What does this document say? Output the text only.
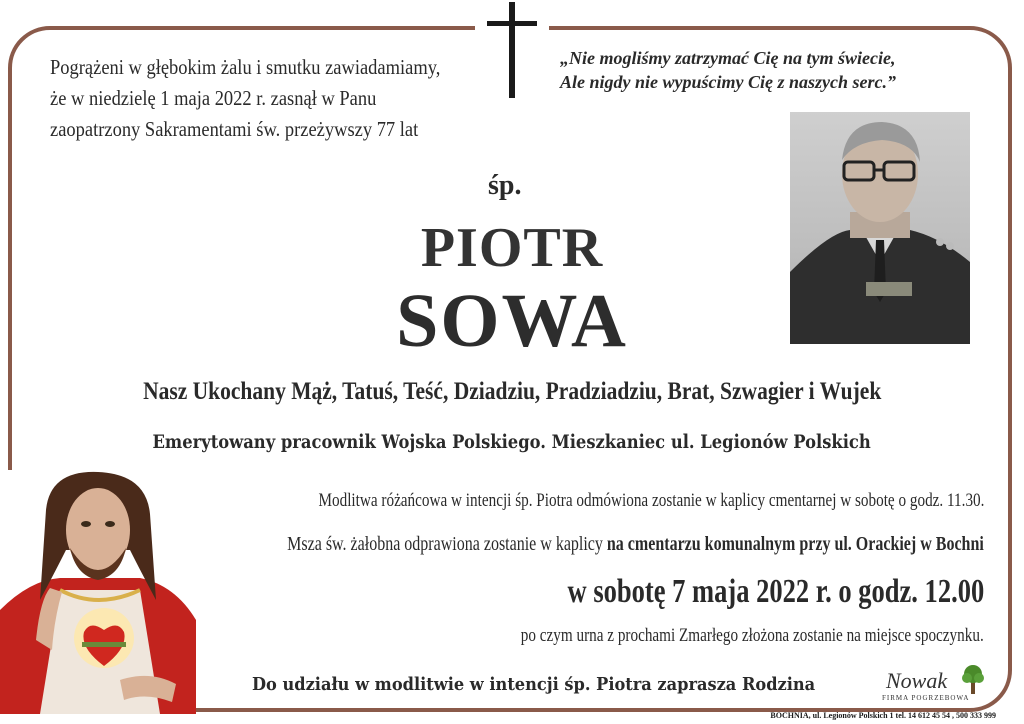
Pogrążeni w głębokim żalu i smutku zawiadamiamy,
że w niedzielę 1 maja 2022 r. zasnął w Panu
zaopatrzony Sakramentami św. przeżywszy 77 lat
„Nie mogliśmy zatrzymać Cię na tym świecie,
Ale nigdy nie wypuścimy Cię z naszych serc.”
śp.
PIOTR
SOWA
Nasz Ukochany Mąż, Tatuś, Teść, Dziadziu, Pradziadziu, Brat, Szwagier i Wujek
Emerytowany pracownik Wojska Polskiego. Mieszkaniec ul. Legionów Polskich
Modlitwa różańcowa w intencji śp. Piotra odmówiona zostanie w kaplicy cmentarnej w sobotę o godz. 11.30.
Msza św. żałobna odprawiona zostanie w kaplicy na cmentarzu komunalnym przy ul. Orackiej w Bochni
w sobotę 7 maja 2022 r. o godz. 12.00
po czym urna z prochami Zmarłego złożona zostanie na miejsce spoczynku.
Do udziału w modlitwie w intencji śp. Piotra zaprasza Rodzina	Nowak
FIRMA POGRZEBOWA
BOCHNIA, ul. Legionów Polskich 1 tel. 14 612 45 54 , 500 333 999
